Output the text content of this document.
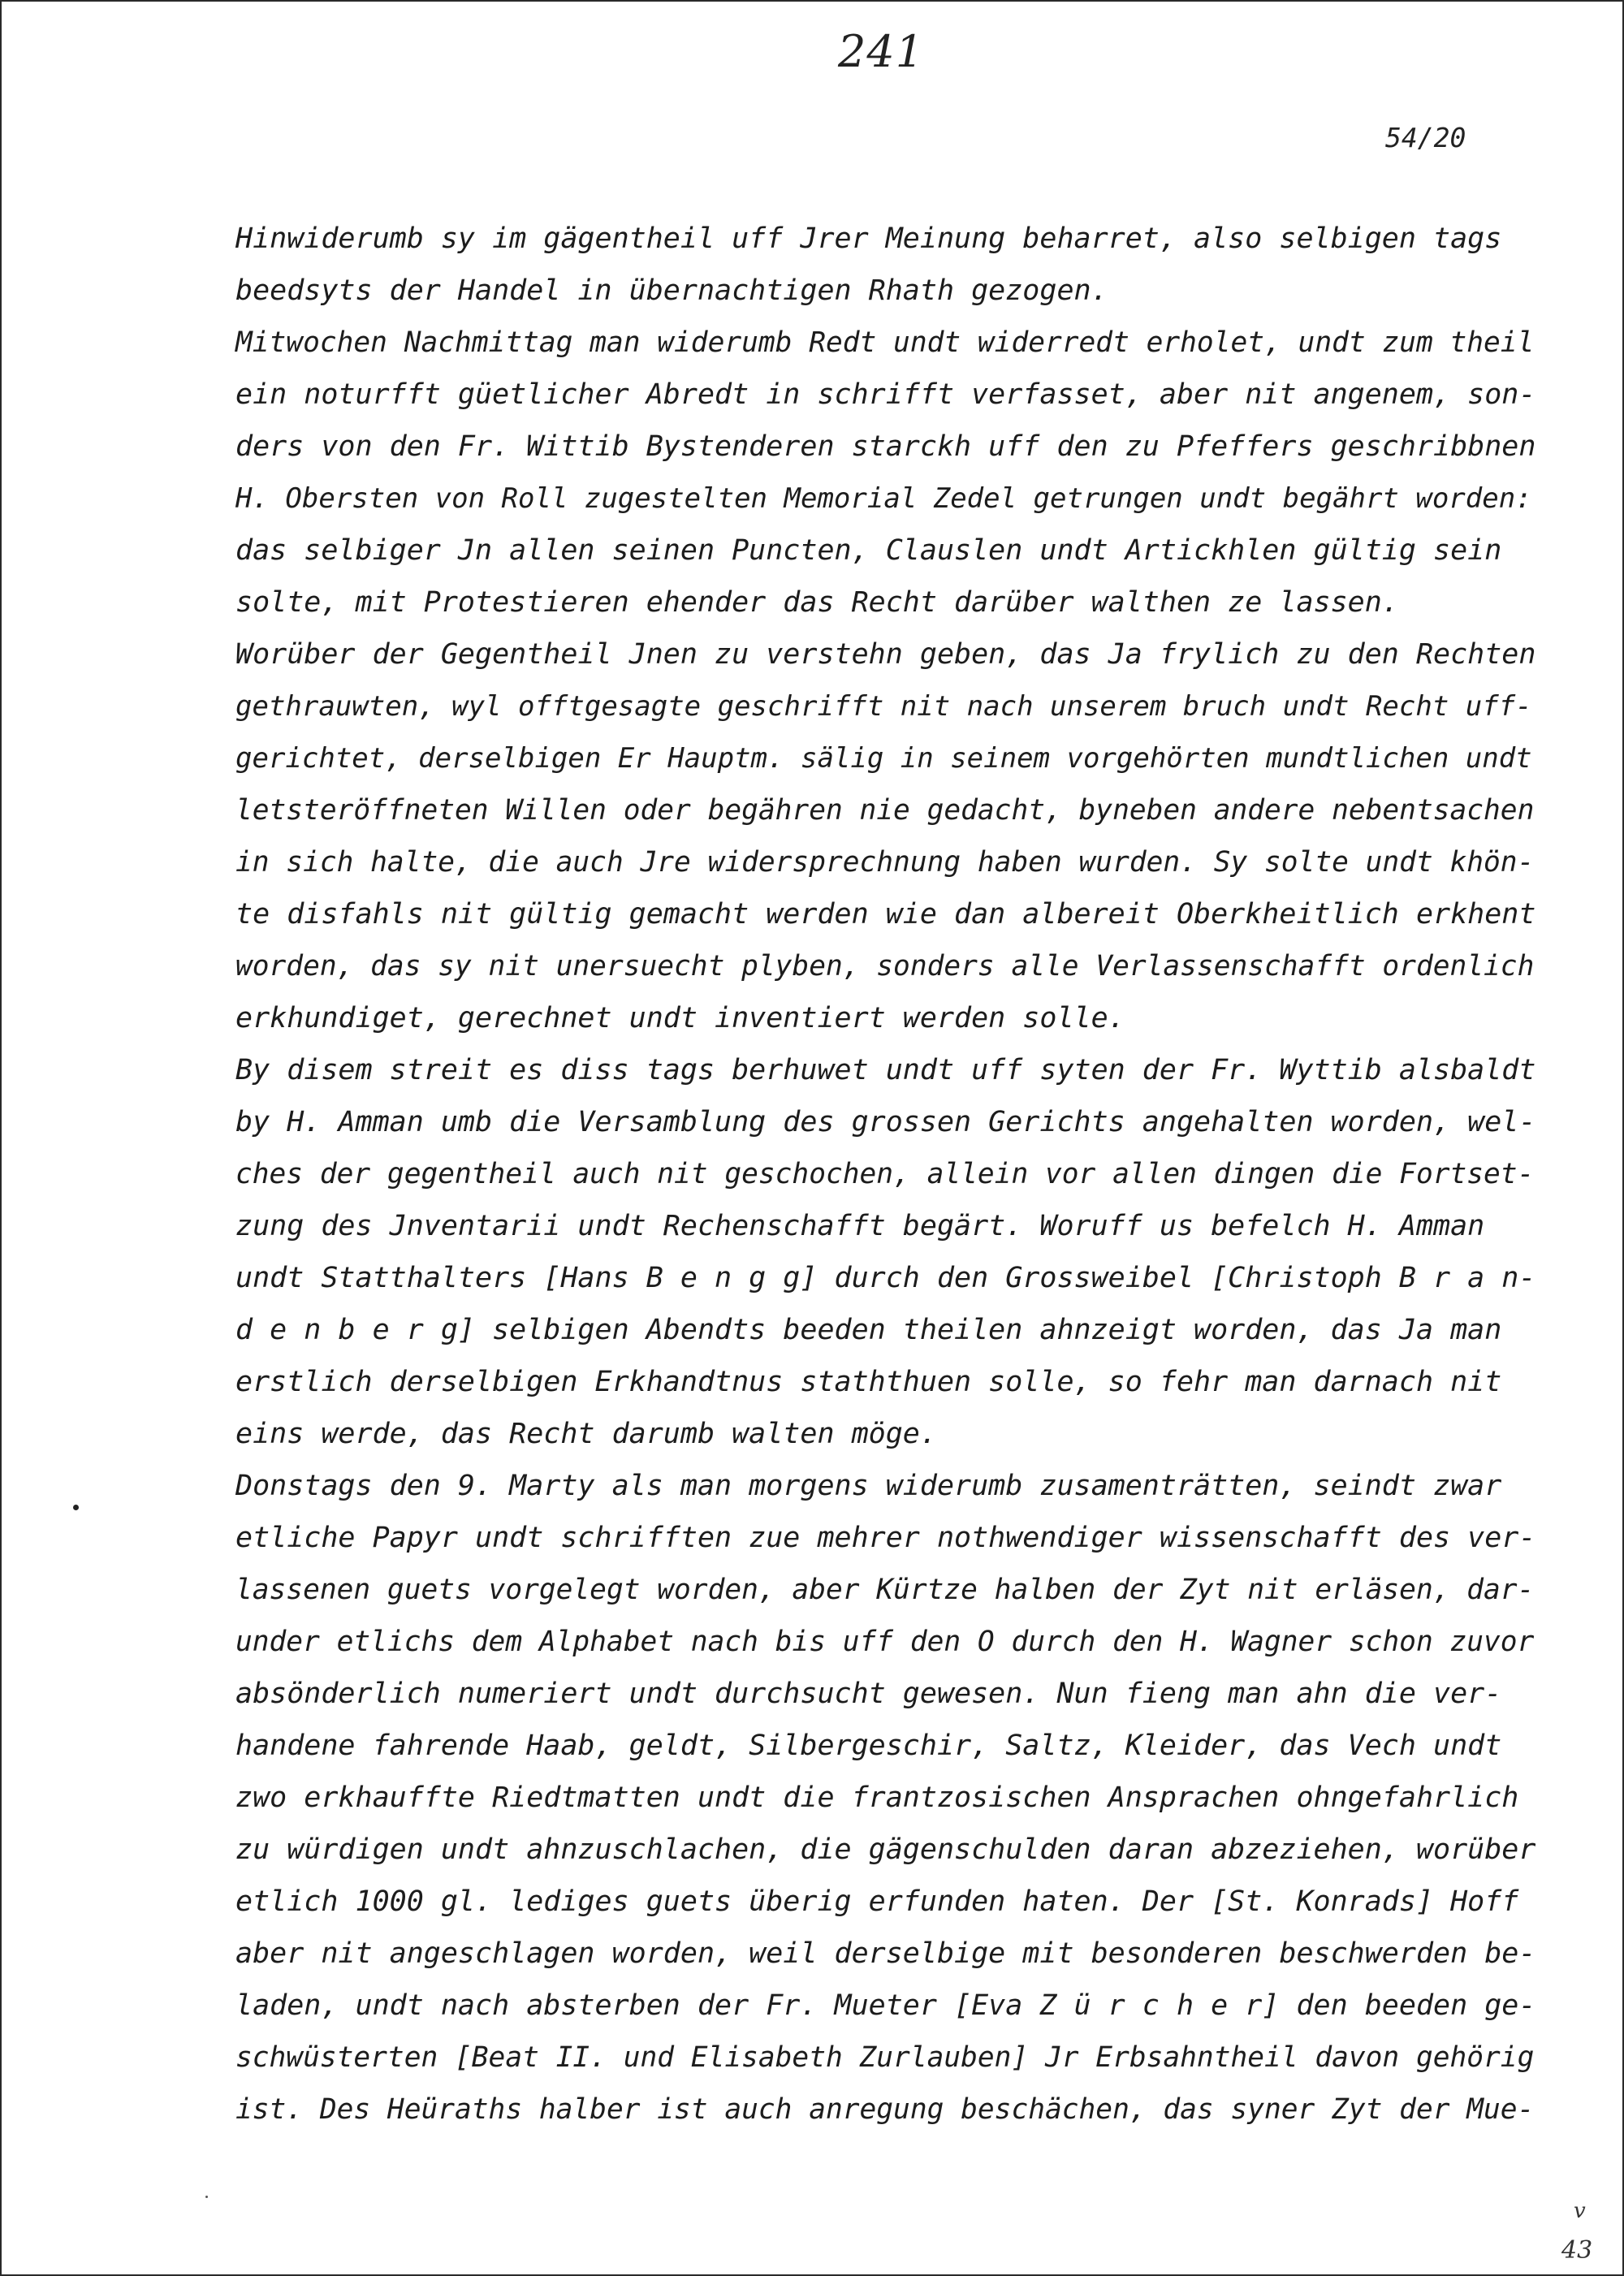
241
54/20
Hinwiderumb sy im gägentheil uff Jrer Meinung beharret, also selbigen tags
beedsyts der Handel in übernachtigen Rhath gezogen.
Mitwochen Nachmittag man widerumb Redt undt widerredt erholet, undt zum theil
ein noturfft güetlicher Abredt in schrifft verfasset, aber nit angenem, son-
ders von den Fr. Wittib Bystenderen starckh uff den zu Pfeffers geschribbnen
H. Obersten von Roll zugestelten Memorial Zedel getrungen undt begährt worden:
das selbiger Jn allen seinen Puncten, Clauslen undt Artickhlen gültig sein
solte, mit Protestieren ehender das Recht darüber walthen ze lassen.
Worüber der Gegentheil Jnen zu verstehn geben, das Ja frylich zu den Rechten
gethrauwten, wyl offtgesagte geschrifft nit nach unserem bruch undt Recht uff-
gerichtet, derselbigen Er Hauptm. sälig in seinem vorgehörten mundtlichen undt
letsteröffneten Willen oder begähren nie gedacht, byneben andere nebentsachen
in sich halte, die auch Jre widersprechnung haben wurden. Sy solte undt khön-
te disfahls nit gültig gemacht werden wie dan albereit Oberkheitlich erkhent
worden, das sy nit unersuecht plyben, sonders alle Verlassenschafft ordenlich
erkhundiget, gerechnet undt inventiert werden solle.
By disem streit es diss tags berhuwet undt uff syten der Fr. Wyttib alsbaldt
by H. Amman umb die Versamblung des grossen Gerichts angehalten worden, wel-
ches der gegentheil auch nit geschochen, allein vor allen dingen die Fortset-
zung des Jnventarii undt Rechenschafft begärt. Woruff us befelch H. Amman
undt Statthalters [Hans B e n g g] durch den Grossweibel [Christoph B r a n-
d e n b e r g] selbigen Abendts beeden theilen ahnzeigt worden, das Ja man
erstlich derselbigen Erkhandtnus staththuen solle, so fehr man darnach nit
eins werde, das Recht darumb walten möge.
Donstags den 9. Marty als man morgens widerumb zusamenträtten, seindt zwar
etliche Papyr undt schrifften zue mehrer nothwendiger wissenschafft des ver-
lassenen guets vorgelegt worden, aber Kürtze halben der Zyt nit erläsen, dar-
under etlichs dem Alphabet nach bis uff den O durch den H. Wagner schon zuvor
absönderlich numeriert undt durchsucht gewesen. Nun fieng man ahn die ver-
handene fahrende Haab, geldt, Silbergeschir, Saltz, Kleider, das Vech undt
zwo erkhauffte Riedtmatten undt die frantzosischen Ansprachen ohngefahrlich
zu würdigen undt ahnzuschlachen, die gägenschulden daran abzeziehen, worüber
etlich 1000 gl. lediges guets überig erfunden haten. Der [St. Konrads] Hoff
aber nit angeschlagen worden, weil derselbige mit besonderen beschwerden be-
laden, undt nach absterben der Fr. Mueter [Eva Z ü r c h e r] den beeden ge-
schwüsterten [Beat II. und Elisabeth Zurlauben] Jr Erbsahntheil davon gehörig
ist. Des Heüraths halber ist auch anregung beschächen, das syner Zyt der Mue-
v
43
